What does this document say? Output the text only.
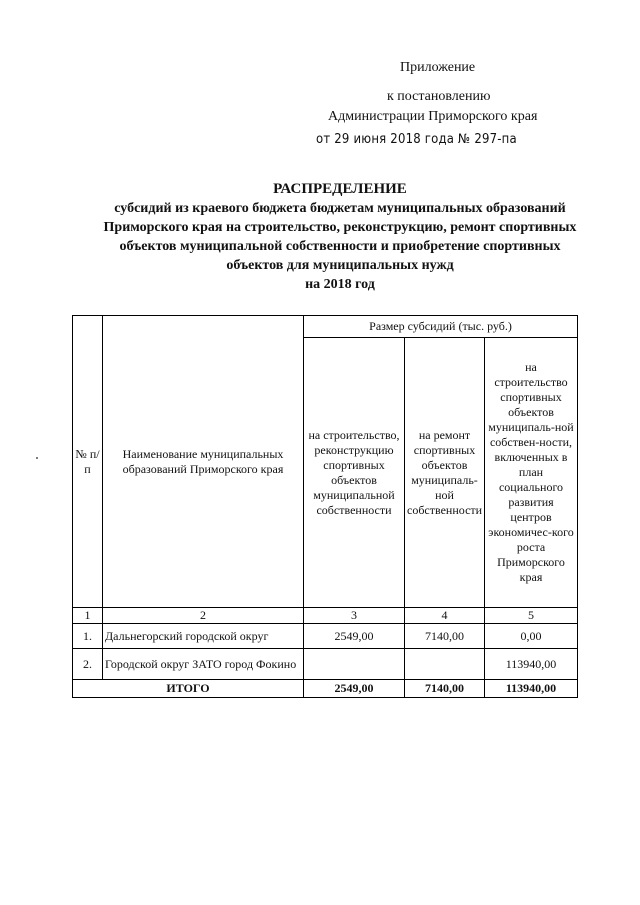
Приложение
к постановлению
Администрации Приморского края
от 29 июня 2018 года № 297-па
РАСПРЕДЕЛЕНИЕ
субсидий из краевого бюджета бюджетам муниципальных образований
Приморского края на строительство, реконструкцию, ремонт спортивных
объектов муниципальной собственности и приобретение спортивных
объектов для муниципальных нужд
на 2018 год
№ п/п	Наименование муниципальных образований Приморского края	Размер субсидий (тыс. руб.)		
		на строительство, реконструкцию спортивных объектов муниципальной собственности	на ремонт спортивных объектов муниципаль-ной собственности	на строительство спортивных объектов муниципаль-ной собствен-ности, включенных в план социального развития центров экономичес-кого роста Приморского края
1	2	3	4	5
1.	Дальнегорский городской округ	2549,00	7140,00	0,00
2.	Городской округ ЗАТО город Фокино			113940,00
ИТОГО		2549,00	7140,00	113940,00
